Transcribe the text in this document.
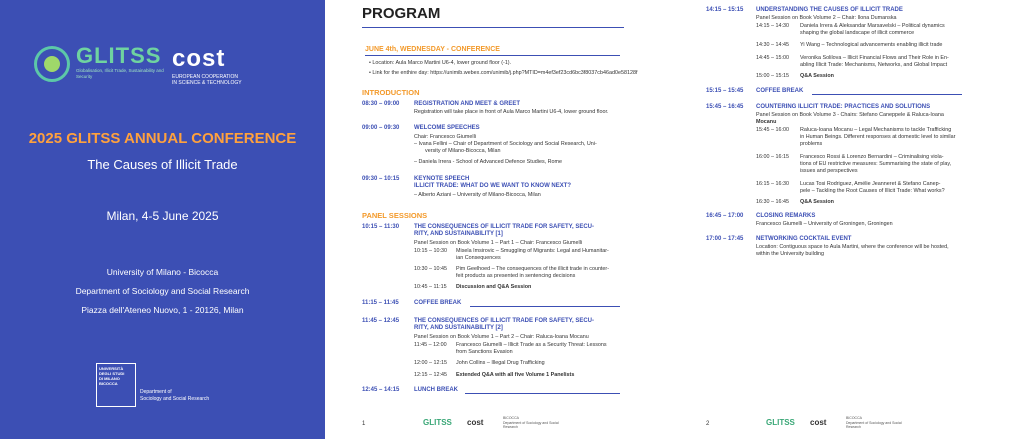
GLITSS
Globalisation, Illicit Trade, Sustainability and Security
cost
EUROPEAN COOPERATION
IN SCIENCE & TECHNOLOGY
2025 GLITSS ANNUAL CONFERENCE
The Causes of Illicit Trade
Milan, 4-5 June 2025
University of Milano - Bicocca
Department of Sociology and Social Research
Piazza dell'Ateneo Nuovo, 1 - 20126, Milan
UNIVERSITÀ
DEGLI STUDI
DI MILANO
BICOCCA
Department of
Sociology and Social Research
PROGRAM
JUNE 4th, WEDNESDAY - CONFERENCE
• Location: Aula Marco Martini U6-4, lower ground floor (-1).
• Link for the enthire day: https://unimib.webex.com/unimib/j.php?MTID=m4ef3ef23cd6bc3f8037cb46ad0e58128f
INTRODUCTION
08:30 – 09:00 REGISTRATION AND MEET & GREET
Registration will take place in front of Aula Marco Martini U6-4, lower ground floor.
09:00 – 09:30 WELCOME SPEECHES
Chair: Francesco Giumelli
– Ivana Fellini – Chair of Department of Sociology and Social Research, Uni-
versity of Milano-Bicocca, Milan
– Daniela Irrera - School of Advanced Defence Studies, Rome
09:30 – 10:15 KEYNOTE SPEECH
ILLICIT TRADE: WHAT DO WE WANT TO KNOW NEXT?
– Alberto Aziani – University of Milano-Bicocca, Milan
PANEL SESSIONS
10:15 – 11:30 THE CONSEQUENCES OF ILLICIT TRADE FOR SAFETY, SECU-
RITY, AND SUSTAINABILITY [1]
Panel Session on Book Volume 1 – Part 1 – Chair: Francesco Giumelli
10:15 – 10:30 Misela Imsirovic – Smuggling of Migrants: Legal and Humanitar-
ian Consequences
10:30 – 10:45 Pim Geelhoed – The consequences of the illicit trade in counter-
feit products as presented in sentencing decisions
10:45 – 11:15 Discussion and Q&A Session
11:15 – 11:45	COFFEE BREAK
11:45 – 12:45 THE CONSEQUENCES OF ILLICIT TRADE FOR SAFETY, SECU-
RITY, AND SUSTAINABILITY [2]
Panel Session on Book Volume 1 – Part 2 – Chair: Raluca-Ioana Mocanu
11:45 – 12:00 Francesco Giumelli – Illicit Trade as a Security Threat: Lessons
from Sanctions Evasion
12:00 – 12:15 John Collins – Illegal Drug Trafficking
12:15 – 12:45 Extended Q&A with all five Volume 1 Panelists
12:45 – 14:15 LUNCH BREAK
1	GLITSS cost	BICOCCA
Department of Sociology and Social Research
14:15 – 15:15 UNDERSTANDING THE CAUSES OF ILLICIT TRADE
Panel Session on Book Volume 2 – Chair: Ilona Dumanska
14:15 – 14:30 Daniela Irrera & Aleksandar Marsavelski – Political dynamics
shaping the global landscape of illicit commerce
14:30 – 14:45 Yi Wang – Technological advancements enabling illicit trade
14:45 – 15:00 Veronika Solilova – Illicit Financial Flows and Their Role in En-
abling Illicit Trade: Mechanisms, Networks, and Global Impact
15:00 – 15:15 Q&A Session
15:15 – 15:45 COFFEE BREAK
15:45 – 16:45 COUNTERING ILLICIT TRADE: PRACTICES AND SOLUTIONS
Panel Session on Book Volume 3 - Chairs: Stefano Caneppele & Raluca-Ioana
Mocanu
15:45 – 16:00 Raluca-Ioana Mocanu – Legal Mechanisms to tackle Trafficking
in Human Beings. Different responses at domestic level to similar
problems
16:00 – 16:15 Francesco Rossi & Lorenzo Bernardini – Criminalising viola-
tions of EU restrictive measures: Summarising the state of play,
issues and perspectives
16:15 – 16:30 Lucas Tosi Rodriguez, Amélie Jeanneret & Stefano Canep-
pele – Tackling the Root Causes of Illicit Trade: What works?
16:30 – 16:45 Q&A Session
16:45 – 17:00 CLOSING REMARKS
Francesco Giumelli – University of Groningen, Groningen
17:00 – 17:45 NETWORKING COCKTAIL EVENT
Location: Contiguous space to Aula Martini, where the conference will be hosted,
within the University building
2	GLITSS cost	BICOCCA
Department of Sociology and Social Research
